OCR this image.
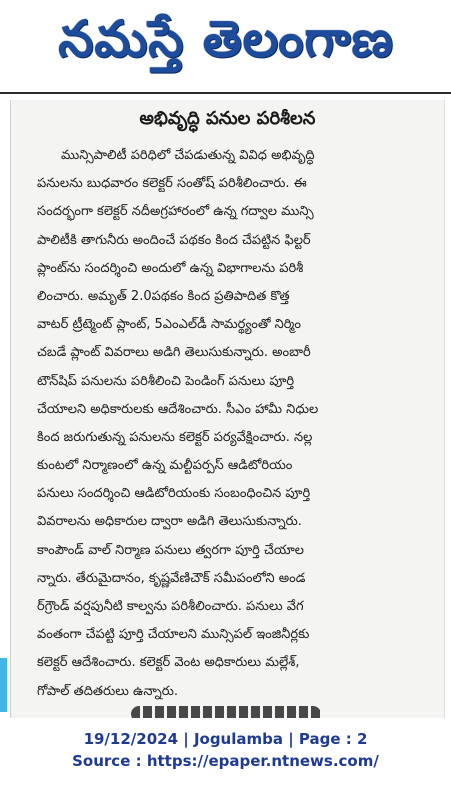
నమస్తే తెలంగాణ
అభివృద్ధి పనుల పరిశీలన
మున్సిపాలిటీ పరిధిలో చేపడుతున్న వివిధ అభివృద్ధి
పనులను బుధవారం కలెక్టర్ సంతోష్ పరిశీలించారు. ఈ
సందర్భంగా కలెక్టర్ నదీఅగ్రహారంలో ఉన్న గద్వాల మున్సి
పాలిటీకి తాగునీరు అందించే పథకం కింద చేపట్టిన ఫిల్టర్
ప్లాంట్‌ను సందర్శించి అందులో ఉన్న విభాగాలను పరిశీ
లించారు. అమృత్ 2.0పథకం కింద ప్రతిపాదిత కొత్త
వాటర్ ట్రీట్మెంట్ ప్లాంట్, 5ఎంఎల్‌డీ సామర్థ్యంతో నిర్మిం
చబడే ప్లాంట్ వివరాలు అడిగి తెలుసుకున్నారు. అంబారీ
టౌన్‌షిప్ పనులను పరిశీలించి పెండింగ్ పనులు పూర్తి
చేయాలని అధికారులకు ఆదేశించారు. సీఎం హామీ నిధుల
కింద జరుగుతున్న పనులను కలెక్టర్ పర్యవేక్షించారు. నల్ల
కుంటలో నిర్మాణంలో ఉన్న మల్టీపర్పస్ ఆడిటోరియం
పనులు సందర్శించి ఆడిటోరియంకు సంబంధించిన పూర్తి
వివరాలను అధికారుల ద్వారా అడిగి తెలుసుకున్నారు.
కాంపౌండ్ వాల్ నిర్మాణ పనులు త్వరగా పూర్తి చేయాల
న్నారు. తేరుమైదానం, కృష్ణవేణిచౌక్ సమీపంలోని అండ
ర్‌గ్రౌండ్ వర్షపునీటి కాల్వను పరిశీలించారు. పనులు వేగ
వంతంగా చేపట్టి పూర్తి చేయాలని మున్సిపల్ ఇంజినీర్లకు
కలెక్టర్ ఆదేశించారు. కలెక్టర్ వెంట అధికారులు మల్లేశ్,
గోపాల్ తదితరులు ఉన్నారు.
19/12/2024 | Jogulamba | Page : 2
Source : https://epaper.ntnews.com/
